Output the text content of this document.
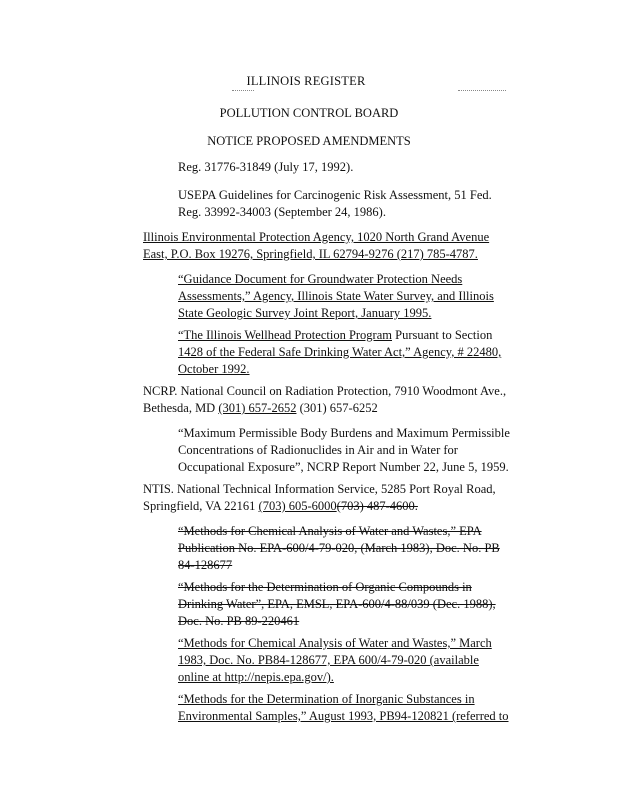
ILLINOIS REGISTER
POLLUTION CONTROL BOARD
NOTICE PROPOSED AMENDMENTS
Reg. 31776-31849 (July 17, 1992).
USEPA Guidelines for Carcinogenic Risk Assessment, 51 Fed.
Reg. 33992-34003 (September 24, 1986).
Illinois Environmental Protection Agency, 1020 North Grand Avenue
East, P.O. Box 19276, Springfield, IL 62794-9276 (217) 785-4787.
“Guidance Document for Groundwater Protection Needs
Assessments,” Agency, Illinois State Water Survey, and Illinois
State Geologic Survey Joint Report, January 1995.
“The Illinois Wellhead Protection Program Pursuant to Section
1428 of the Federal Safe Drinking Water Act,” Agency, # 22480,
October 1992.
NCRP. National Council on Radiation Protection, 7910 Woodmont Ave.,
Bethesda, MD (301) 657-2652 (301) 657-6252
“Maximum Permissible Body Burdens and Maximum Permissible
Concentrations of Radionuclides in Air and in Water for
Occupational Exposure”, NCRP Report Number 22, June 5, 1959.
NTIS. National Technical Information Service, 5285 Port Royal Road,
Springfield, VA 22161 (703) 605-6000(703) 487-4600.
“Methods for Chemical Analysis of Water and Wastes,” EPA
Publication No. EPA-600/4-79-020, (March 1983), Doc. No. PB
84-128677
“Methods for the Determination of Organic Compounds in
Drinking Water”, EPA, EMSL, EPA-600/4-88/039 (Dec. 1988),
Doc. No. PB 89-220461
“Methods for Chemical Analysis of Water and Wastes,” March
1983, Doc. No. PB84-128677, EPA 600/4-79-020 (available
online at http://nepis.epa.gov/).
“Methods for the Determination of Inorganic Substances in
Environmental Samples,” August 1993, PB94-120821 (referred to
